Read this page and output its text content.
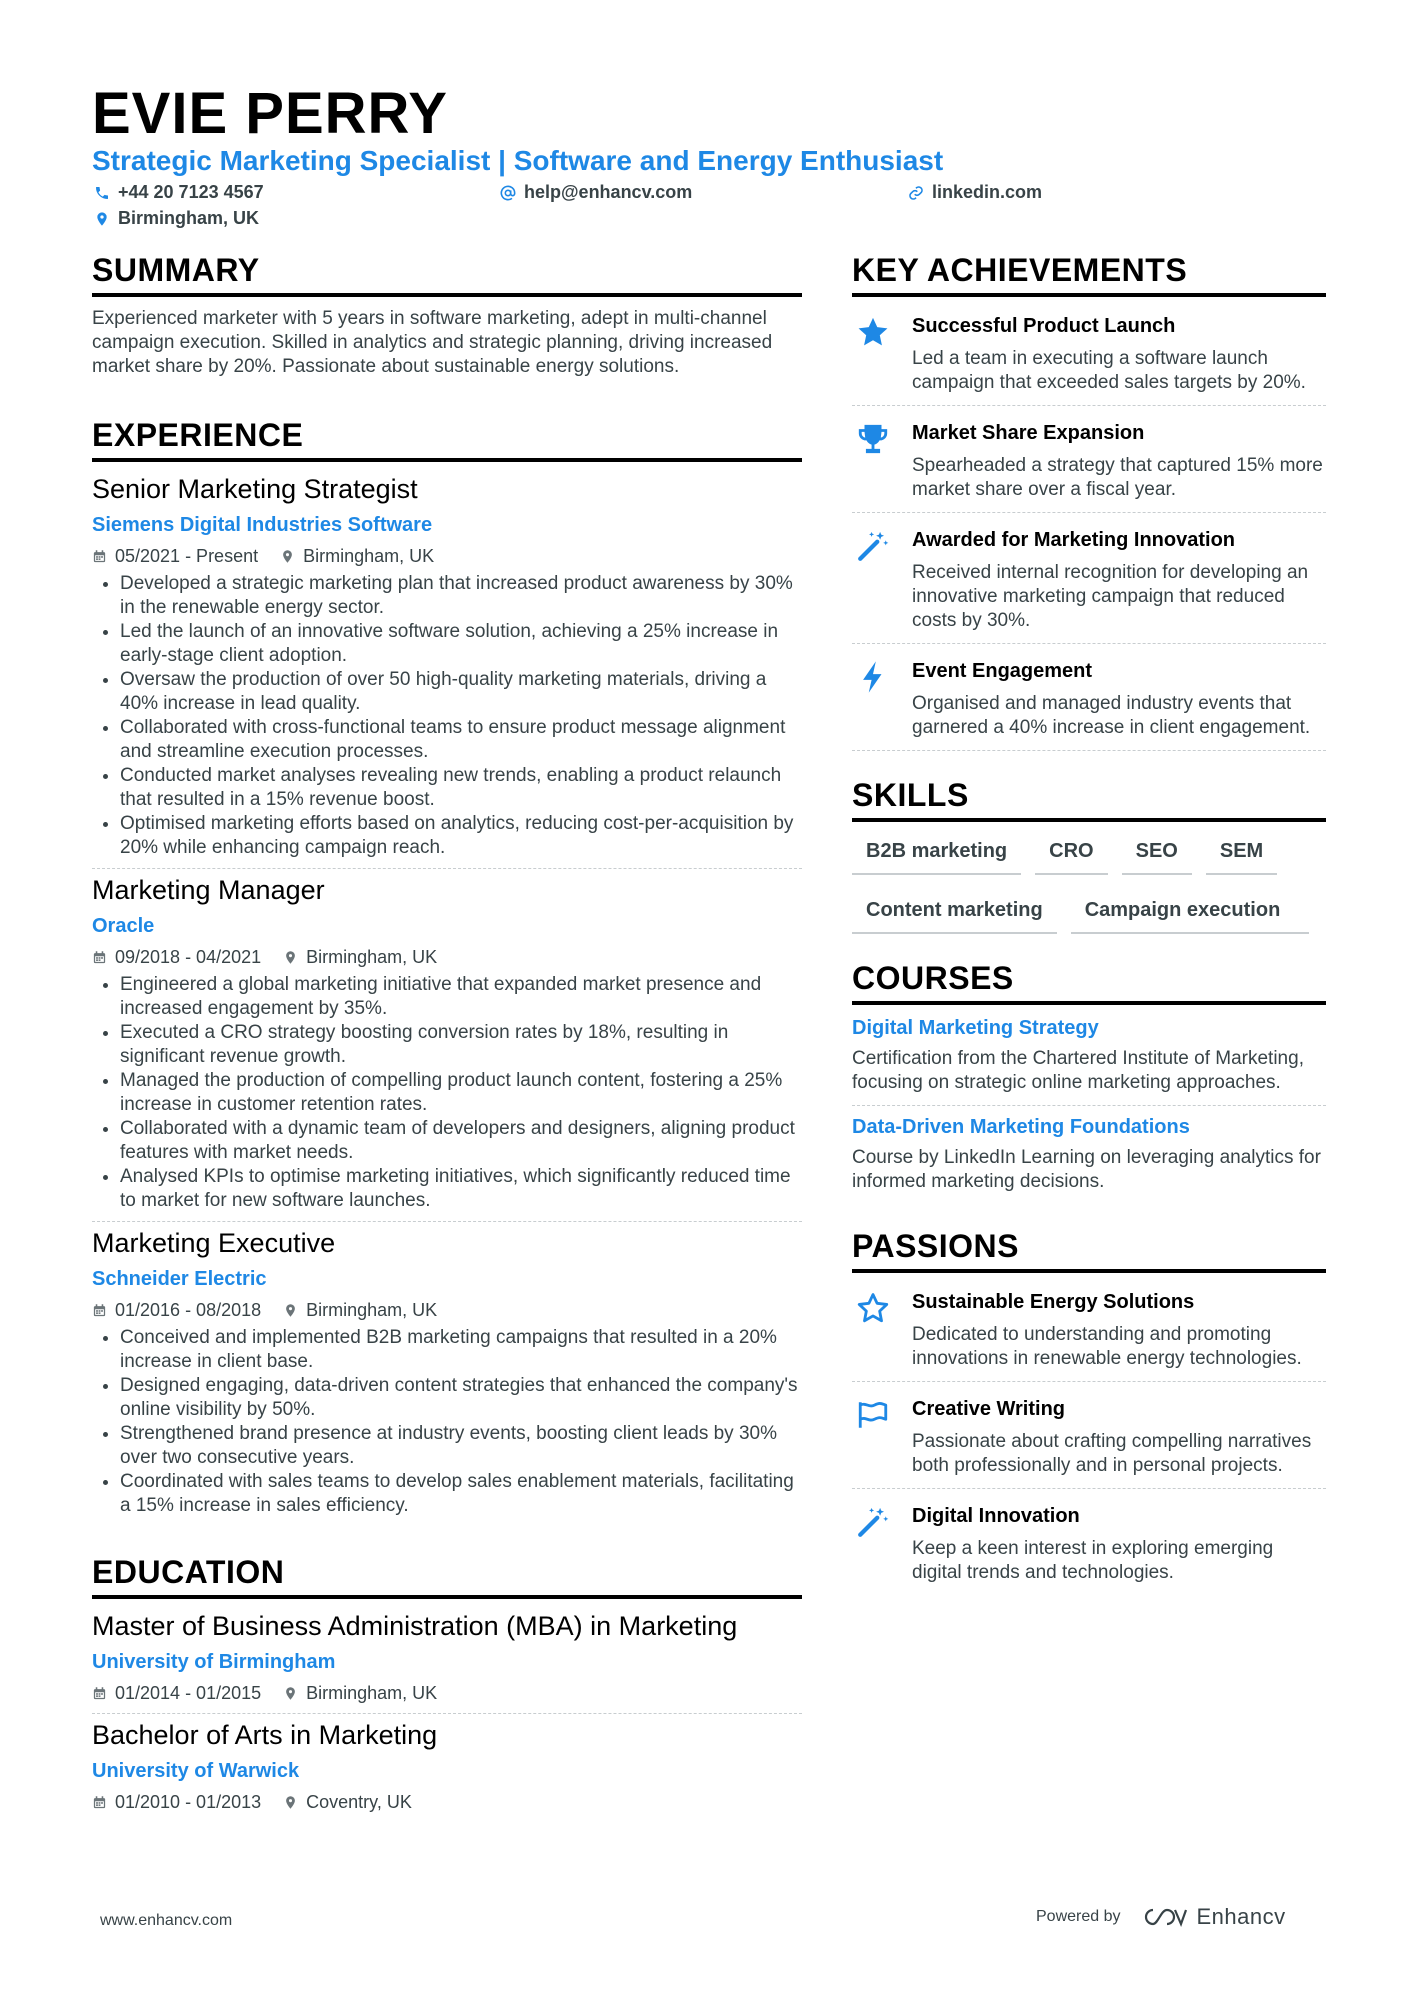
EVIE PERRY
Strategic Marketing Specialist | Software and Energy Enthusiast
+44 20 7123 4567	help@enhancv.com	linkedin.com
Birmingham, UK
SUMMARY
Experienced marketer with 5 years in software marketing, adept in multi-channel campaign execution. Skilled in analytics and strategic planning, driving increased market share by 20%. Passionate about sustainable energy solutions.
EXPERIENCE
Senior Marketing Strategist
Siemens Digital Industries Software
05/2021 - Present	Birmingham, UK
• Developed a strategic marketing plan that increased product awareness by 30% in the renewable energy sector.
• Led the launch of an innovative software solution, achieving a 25% increase in early-stage client adoption.
• Oversaw the production of over 50 high-quality marketing materials, driving a 40% increase in lead quality.
• Collaborated with cross-functional teams to ensure product message alignment and streamline execution processes.
• Conducted market analyses revealing new trends, enabling a product relaunch that resulted in a 15% revenue boost.
• Optimised marketing efforts based on analytics, reducing cost-per-acquisition by 20% while enhancing campaign reach.
Marketing Manager
Oracle
09/2018 - 04/2021	Birmingham, UK
• Engineered a global marketing initiative that expanded market presence and increased engagement by 35%.
• Executed a CRO strategy boosting conversion rates by 18%, resulting in significant revenue growth.
• Managed the production of compelling product launch content, fostering a 25% increase in customer retention rates.
• Collaborated with a dynamic team of developers and designers, aligning product features with market needs.
• Analysed KPIs to optimise marketing initiatives, which significantly reduced time to market for new software launches.
Marketing Executive
Schneider Electric
01/2016 - 08/2018	Birmingham, UK
• Conceived and implemented B2B marketing campaigns that resulted in a 20% increase in client base.
• Designed engaging, data-driven content strategies that enhanced the company's online visibility by 50%.
• Strengthened brand presence at industry events, boosting client leads by 30% over two consecutive years.
• Coordinated with sales teams to develop sales enablement materials, facilitating a 15% increase in sales efficiency.
EDUCATION
Master of Business Administration (MBA) in Marketing
University of Birmingham
01/2014 - 01/2015	Birmingham, UK
Bachelor of Arts in Marketing
University of Warwick
01/2010 - 01/2013	Coventry, UK
KEY ACHIEVEMENTS
Successful Product Launch
Led a team in executing a software launch campaign that exceeded sales targets by 20%.
Market Share Expansion
Spearheaded a strategy that captured 15% more market share over a fiscal year.
Awarded for Marketing Innovation
Received internal recognition for developing an innovative marketing campaign that reduced costs by 30%.
Event Engagement
Organised and managed industry events that garnered a 40% increase in client engagement.
SKILLS
B2B marketing	CRO	SEO	SEM
Content marketing	Campaign execution
COURSES
Digital Marketing Strategy
Certification from the Chartered Institute of Marketing, focusing on strategic online marketing approaches.
Data-Driven Marketing Foundations
Course by LinkedIn Learning on leveraging analytics for informed marketing decisions.
PASSIONS
Sustainable Energy Solutions
Dedicated to understanding and promoting innovations in renewable energy technologies.
Creative Writing
Passionate about crafting compelling narratives both professionally and in personal projects.
Digital Innovation
Keep a keen interest in exploring emerging digital trends and technologies.
www.enhancv.com	Powered by	Enhancv
